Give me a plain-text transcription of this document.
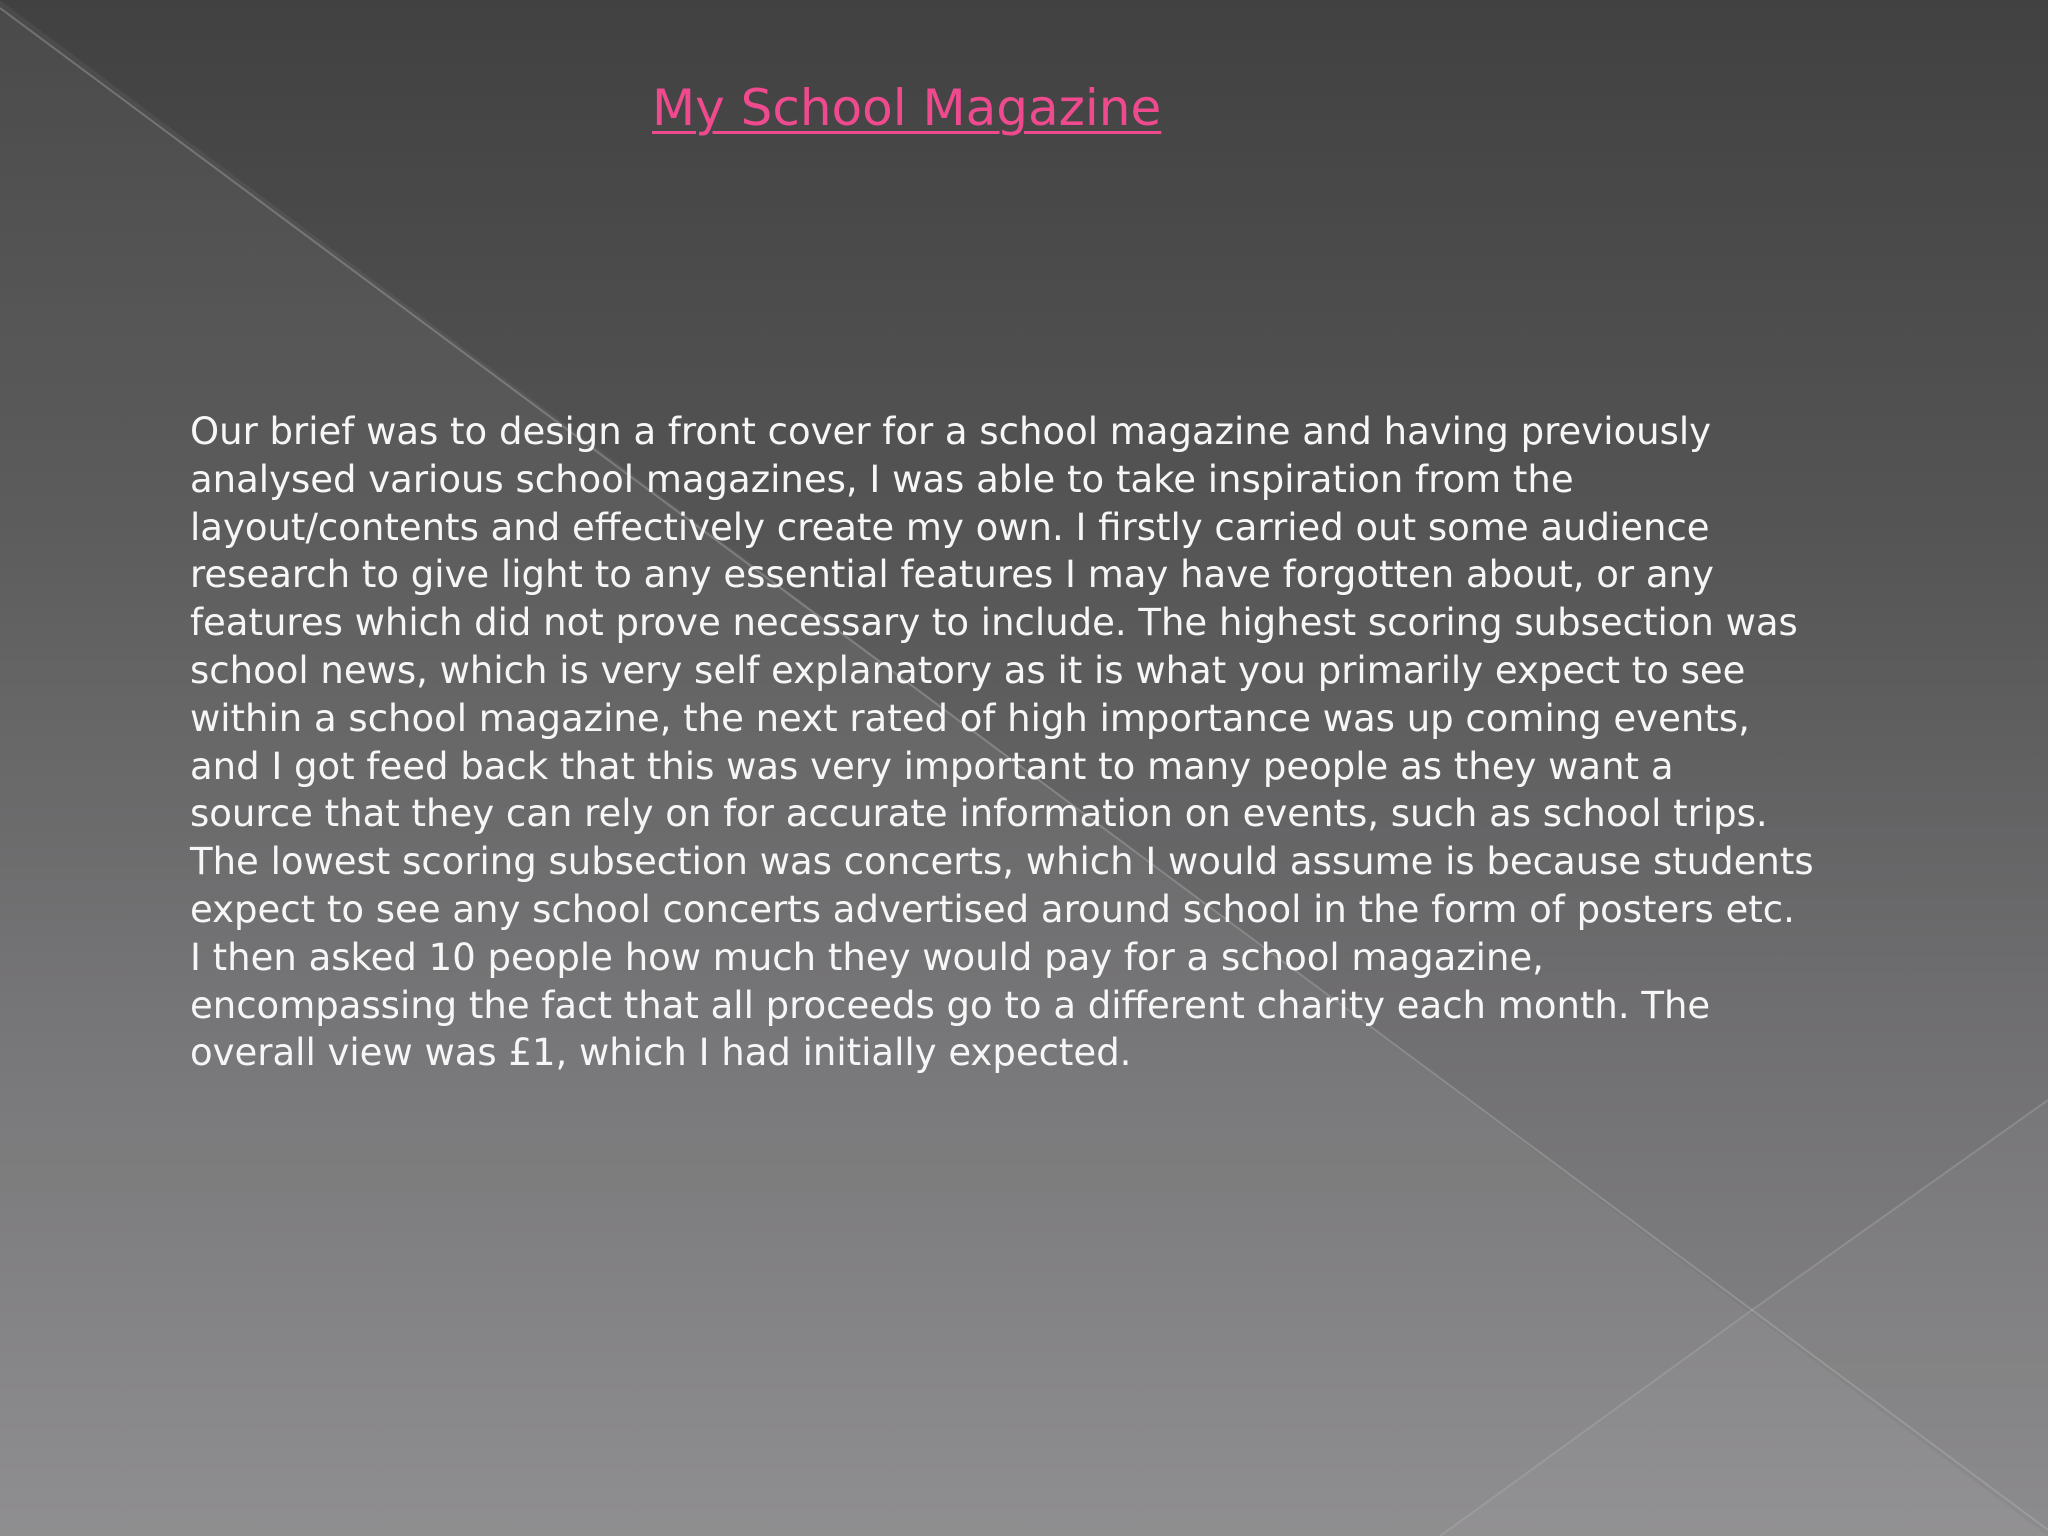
My School Magazine
Our brief was to design a front cover for a school magazine and having previously
analysed various school magazines, I was able to take inspiration from the
layout/contents and effectively create my own. I firstly carried out some audience
research to give light to any essential features I may have forgotten about, or any
features which did not prove necessary to include. The highest scoring subsection was
school news, which is very self explanatory as it is what you primarily expect to see
within a school magazine, the next rated of high importance was up coming events,
and I got feed back that this was very important to many people as they want a
source that they can rely on for accurate information on events, such as school trips.
The lowest scoring subsection was concerts, which I would assume is because students
expect to see any school concerts advertised around school in the form of posters etc.
I then asked 10 people how much they would pay for a school magazine,
encompassing the fact that all proceeds go to a different charity each month. The
overall view was £1, which I had initially expected.
